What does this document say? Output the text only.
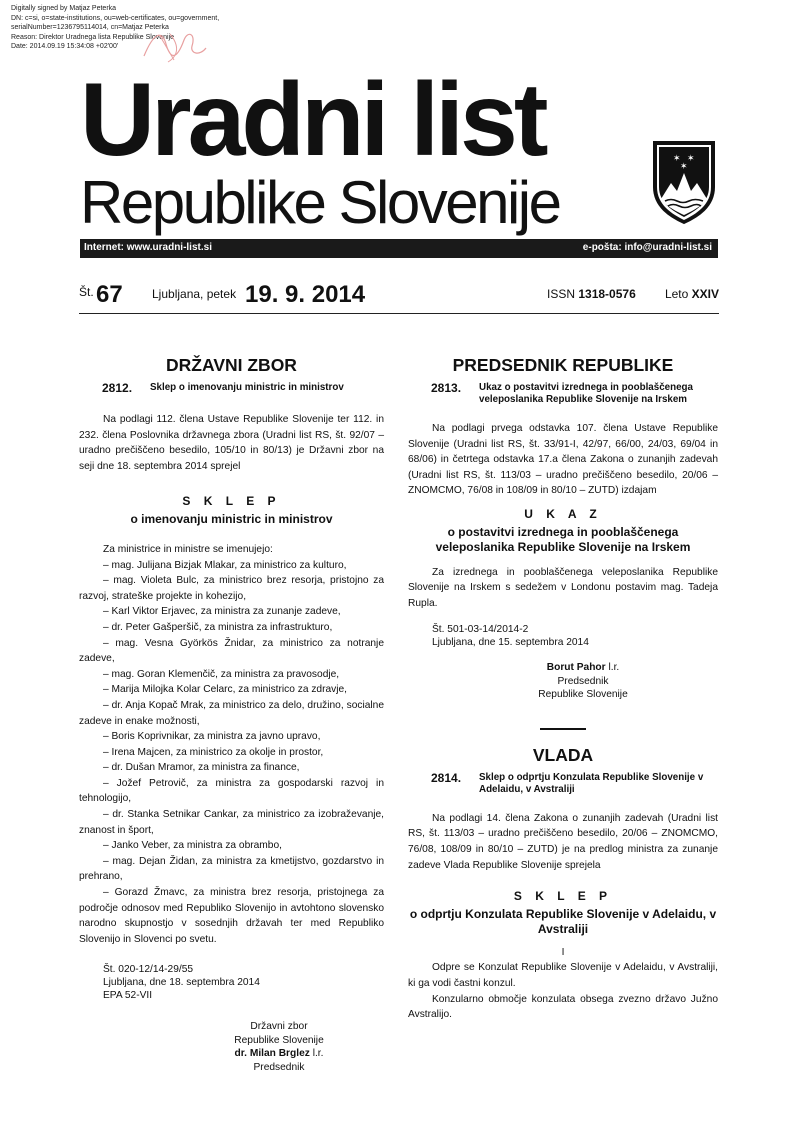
Digitally signed by Matjaz Peterka
DN: c=si, o=state-institutions, ou=web-certificates, ou=government,
serialNumber=1236795114014, cn=Matjaz Peterka
Reason: Direktor Uradnega lista Republike Slovenije
Date: 2014.09.19 15:34:08 +02'00'
Uradni list
Republike Slovenije
✶ ✶
✶
Internet: www.uradni-list.si	e-pošta: info@uradni-list.si
Št. 67 Ljubljana, petek 19. 9. 2014	ISSN 1318-0576 Leto XXIV
DRŽAVNI ZBOR
2812.	Sklep o imenovanju ministric in ministrov

Na podlagi 112. člena Ustave Republike Slovenije ter 112. in 232. člena Poslovnika državnega zbora (Uradni list RS, št. 92/07 – uradno prečiščeno besedilo, 105/10 in 80/13) je Državni zbor na seji dne 18. septembra 2014 sprejel

S K L E P

o imenovanju ministric in ministrov

Za ministrice in ministre se imenujejo:

– mag. Julijana Bizjak Mlakar, za ministrico za kulturo,

– mag. Violeta Bulc, za ministrico brez resorja, pristojno za razvoj, strateške projekte in kohezijo,

– Karl Viktor Erjavec, za ministra za zunanje zadeve,

– dr. Peter Gašperšič, za ministra za infrastrukturo,

– mag. Vesna Györkös Žnidar, za ministrico za notranje zadeve,

– mag. Goran Klemenčič, za ministra za pravosodje,

– Marija Milojka Kolar Celarc, za ministrico za zdravje,

– dr. Anja Kopač Mrak, za ministrico za delo, družino, socialne zadeve in enake možnosti,

– Boris Koprivnikar, za ministra za javno upravo,

– Irena Majcen, za ministrico za okolje in prostor,

– dr. Dušan Mramor, za ministra za finance,

– Jožef Petrovič, za ministra za gospodarski razvoj in tehnologijo,

– dr. Stanka Setnikar Cankar, za ministrico za izobraževanje, znanost in šport,

– Janko Veber, za ministra za obrambo,

– mag. Dejan Židan, za ministra za kmetijstvo, gozdarstvo in prehrano,

– Gorazd Žmavc, za ministra brez resorja, pristojnega za področje odnosov med Republiko Slovenijo in avtohtono slovensko narodno skupnostjo v sosednjih državah ter med Republiko Slovenijo in Slovenci po svetu.

Št. 020-12/14-29/55

Ljubljana, dne 18. septembra 2014

EPA 52-VII

Državni zbor
Republike Slovenije
dr. Milan Brglez l.r.
Predsednik
PREDSEDNIK REPUBLIKE
2813.	Ukaz o postavitvi izrednega in pooblaščenega veleposlanika Republike Slovenije na Irskem

Na podlagi prvega odstavka 107. člena Ustave Republike Slovenije (Uradni list RS, št. 33/91-I, 42/97, 66/00, 24/03, 69/04 in 68/06) in četrtega odstavka 17.a člena Zakona o zunanjih zadevah (Uradni list RS, št. 113/03 – uradno prečiščeno besedilo, 20/06 – ZNOMCMO, 76/08 in 108/09 in 80/10 – ZUTD) izdajam

U K A Z

o postavitvi izrednega in pooblaščenega veleposlanika Republike Slovenije na Irskem

Za izrednega in pooblaščenega veleposlanika Republike Slovenije na Irskem s sedežem v Londonu postavim mag. Tadeja Rupla.

Št. 501-03-14/2014-2

Ljubljana, dne 15. septembra 2014

Borut Pahor l.r.
Predsednik
Republike Slovenije
VLADA
2814.	Sklep o odprtju Konzulata Republike Slovenije v Adelaidu, v Avstraliji

Na podlagi 14. člena Zakona o zunanjih zadevah (Uradni list RS, št. 113/03 – uradno prečiščeno besedilo, 20/06 – ZNOMCMO, 76/08, 108/09 in 80/10 – ZUTD) je na predlog ministra za zunanje zadeve Vlada Republike Slovenije sprejela

S K L E P

o odprtju Konzulata Republike Slovenije v Adelaidu, v Avstraliji

I

Odpre se Konzulat Republike Slovenije v Adelaidu, v Avstraliji, ki ga vodi častni konzul.

Konzularno območje konzulata obsega zvezno državo Južno Avstralijo.
